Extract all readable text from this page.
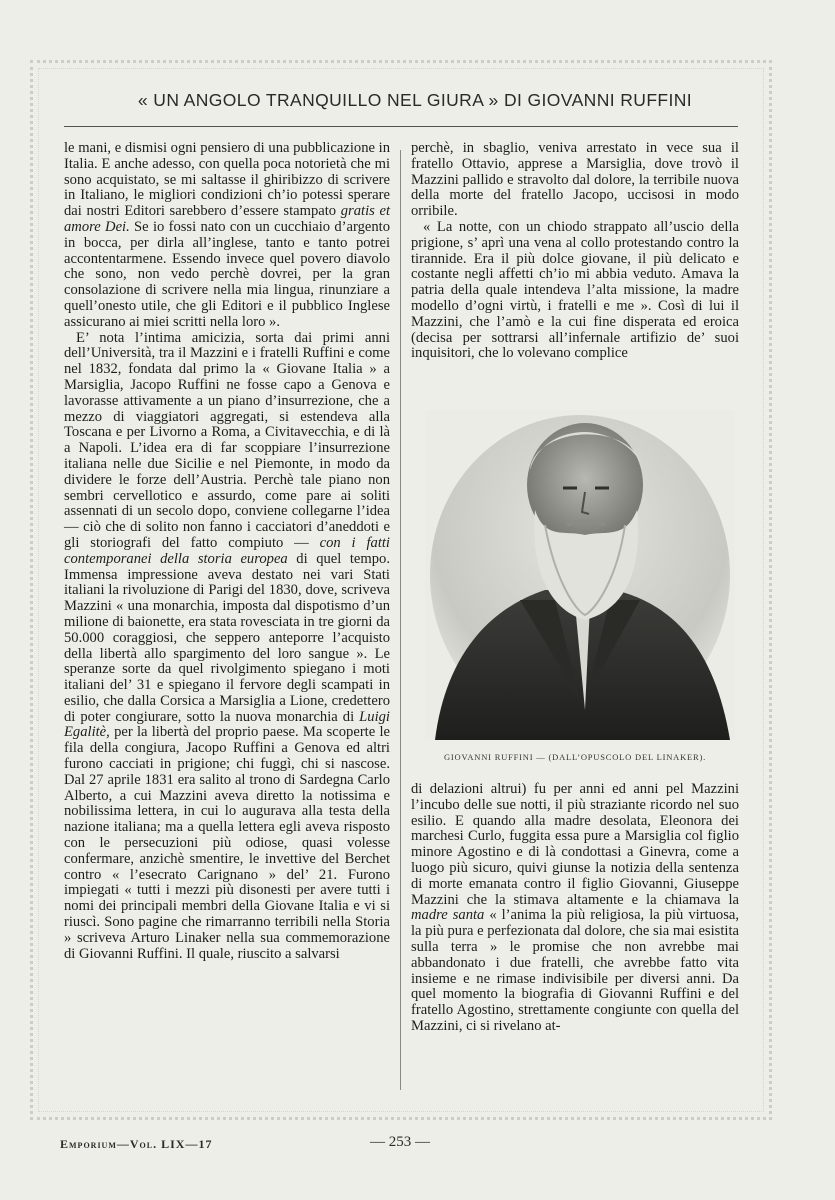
« UN ANGOLO TRANQUILLO NEL GIURA » DI GIOVANNI RUFFINI

le mani, e dismisi ogni pensiero di una pubblicazione in Italia. E anche adesso, con quella poca notorietà che mi sono acquistato, se mi saltasse il ghiribizzo di scrivere in Italiano, le migliori condizioni ch’io potessi sperare dai nostri Editori sarebbero d’essere stampato gratis et amore Dei. Se io fossi nato con un cucchiaio d’argento in bocca, per dirla all’inglese, tanto e tanto potrei accontentarmene. Essendo invece quel povero diavolo che sono, non vedo perchè dovrei, per la gran consolazione di scrivere nella mia lingua, rinunziare a quell’onesto utile, che gli Editori e il pubblico Inglese assicurano ai miei scritti nella loro ».

E’ nota l’intima amicizia, sorta dai primi anni dell’Università, tra il Mazzini e i fratelli Ruffini e come nel 1832, fondata dal primo la « Giovane Italia » a Marsiglia, Jacopo Ruffini ne fosse capo a Genova e lavorasse attivamente a un piano d’insurrezione, che a mezzo di viaggiatori aggregati, si estendeva alla Toscana e per Livorno a Roma, a Civitavecchia, e di là a Napoli. L’idea era di far scoppiare l’insurrezione italiana nelle due Sicilie e nel Piemonte, in modo da dividere le forze dell’Austria. Perchè tale piano non sembri cervellotico e assurdo, come pare ai soliti assennati di un secolo dopo, conviene collegarne l’idea — ciò che di solito non fanno i cacciatori d’aneddoti e gli storiografi del fatto compiuto — con i fatti contemporanei della storia europea di quel tempo. Immensa impressione aveva destato nei vari Stati italiani la rivoluzione di Parigi del 1830, dove, scriveva Mazzini « una monarchia, imposta dal dispotismo d’un milione di baionette, era stata rovesciata in tre giorni da 50.000 coraggiosi, che seppero anteporre l’acquisto della libertà allo spargimento del loro sangue ». Le speranze sorte da quel rivolgimento spiegano i moti italiani del’ 31 e spiegano il fervore degli scampati in esilio, che dalla Corsica a Marsiglia a Lione, credettero di poter congiurare, sotto la nuova monarchia di Luigi Egalitè, per la libertà del proprio paese. Ma scoperte le fila della congiura, Jacopo Ruffini a Genova ed altri furono cacciati in prigione; chi fuggì, chi si nascose. Dal 27 aprile 1831 era salito al trono di Sardegna Carlo Alberto, a cui Mazzini aveva diretto la notissima e nobilissima lettera, in cui lo augurava alla testa della nazione italiana; ma a quella lettera egli aveva risposto con le persecuzioni più odiose, quasi volesse confermare, anzichè smentire, le invettive del Berchet contro « l’esecrato Carignano » del’ 21. Furono impiegati « tutti i mezzi più disonesti per avere tutti i nomi dei principali membri della Giovane Italia e vi si riuscì. Sono pagine che rimarranno terribili nella Storia » scriveva Arturo Linaker nella sua commemorazione di Giovanni Ruffini. Il quale, riuscito a salvarsi

perchè, in sbaglio, veniva arrestato in vece sua il fratello Ottavio, apprese a Marsiglia, dove trovò il Mazzini pallido e stravolto dal dolore, la terribile nuova della morte del fratello Jacopo, uccisosi in modo orribile.

« La notte, con un chiodo strappato all’uscio della prigione, s’ aprì una vena al collo protestando contro la tirannide. Era il più dolce giovane, il più delicato e costante negli affetti ch’io mi abbia veduto. Amava la patria della quale intendeva l’alta missione, la madre modello d’ogni virtù, i fratelli e me ». Così di lui il Mazzini, che l’amò e la cui fine disperata ed eroica (decisa per sottrarsi all’infernale artifizio de’ suoi inquisitori, che lo volevano complice

GIOVANNI RUFFINI — (DALL’OPUSCOLO DEL LINAKER).

di delazioni altrui) fu per anni ed anni pel Mazzini l’incubo delle sue notti, il più straziante ricordo nel suo esilio. E quando alla madre desolata, Eleonora dei marchesi Curlo, fuggita essa pure a Marsiglia col figlio minore Agostino e di là condottasi a Ginevra, come a luogo più sicuro, quivi giunse la notizia della sentenza di morte emanata contro il figlio Giovanni, Giuseppe Mazzini che la stimava altamente e la chiamava la madre santa « l’anima la più religiosa, la più virtuosa, la più pura e perfezionata dal dolore, che sia mai esistita sulla terra » le promise che non avrebbe mai abbandonato i due fratelli, che avrebbe fatto vita insieme e ne rimase indivisibile per diversi anni. Da quel momento la biografia di Giovanni Ruffini e del fratello Agostino, strettamente congiunte con quella del Mazzini, ci si rivelano at-

Emporium—Vol. LIX—17	— 253 —
